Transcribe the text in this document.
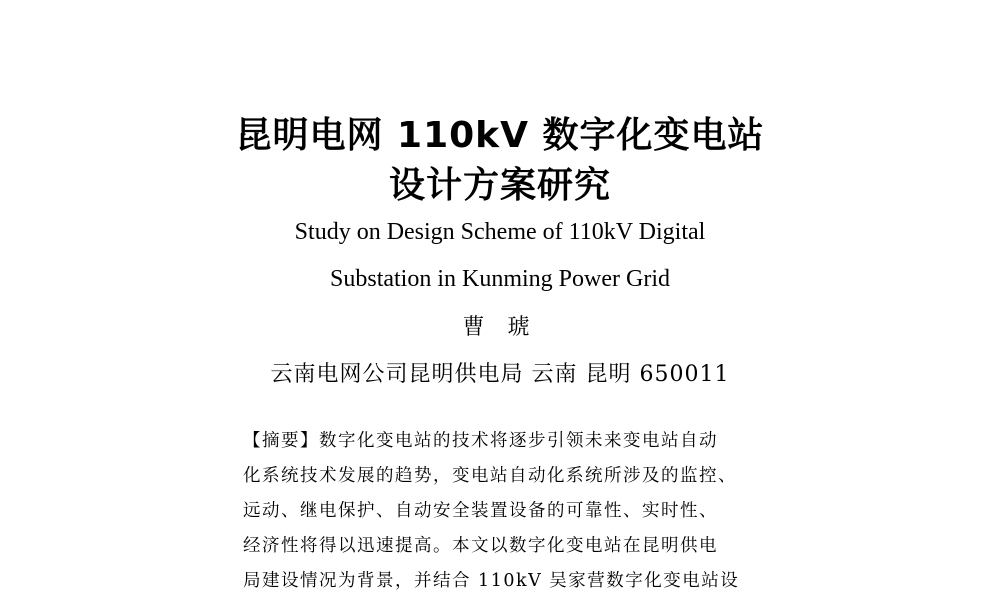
昆明电网 110kV 数字化变电站
设计方案研究
Study on Design Scheme of 110kV Digital
Substation in Kunming Power Grid
曹 琥
云南电网公司昆明供电局 云南 昆明 650011
【摘要】数字化变电站的技术将逐步引领未来变电站自动
化系统技术发展的趋势，变电站自动化系统所涉及的监控、
远动、继电保护、自动安全装置设备的可靠性、实时性、
经济性将得以迅速提高。本文以数字化变电站在昆明供电
局建设情况为背景，并结合 110kV 吴家营数字化变电站设
